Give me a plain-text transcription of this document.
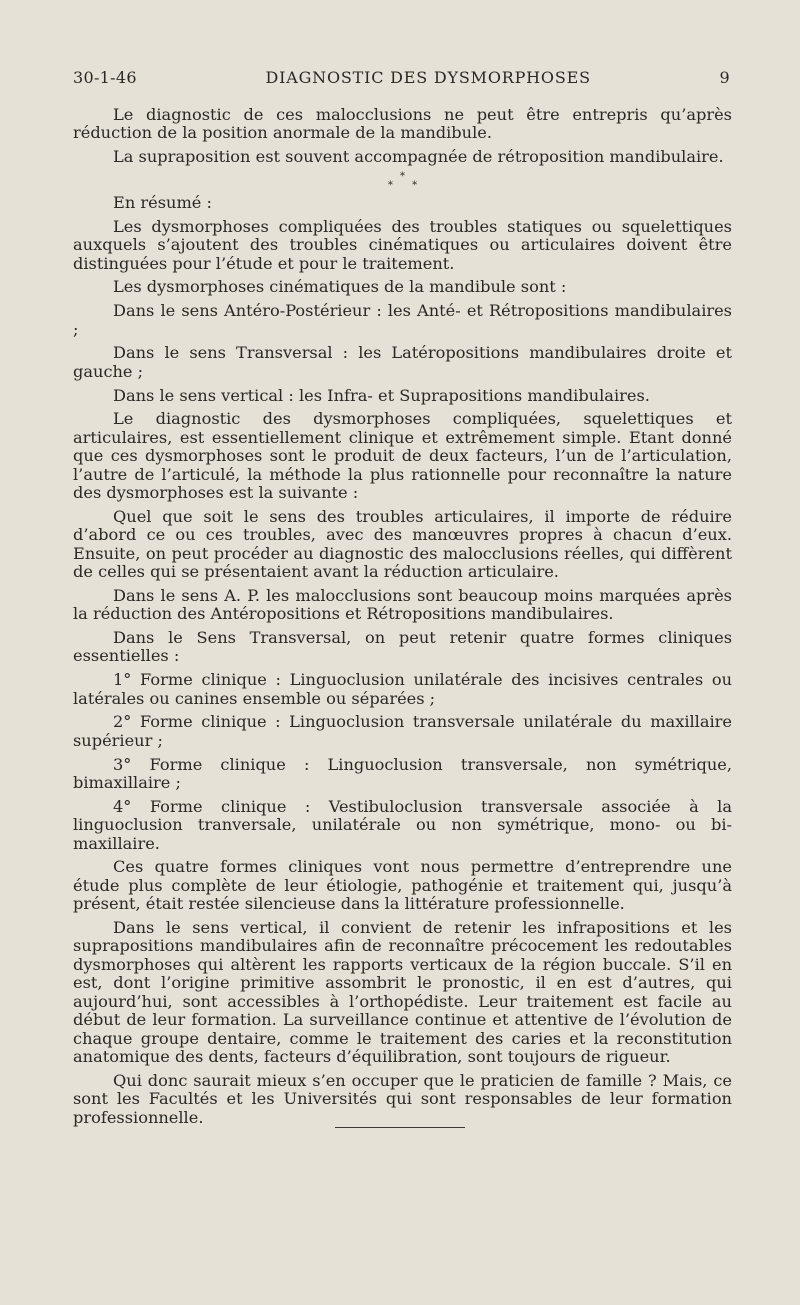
30-1-46	DIAGNOSTIC DES DYSMORPHOSES	9

Le diagnostic de ces malocclusions ne peut être entrepris qu’après réduction de la position anormale de la mandibule.

La supraposition est souvent accompagnée de rétroposition mandibulaire.

*
* *

En résumé :

Les dysmorphoses compliquées des troubles statiques ou squelettiques auxquels s’ajoutent des troubles cinématiques ou articulaires doivent être distinguées pour l’étude et pour le traitement.

Les dysmorphoses cinématiques de la mandibule sont :

Dans le sens Antéro-Postérieur : les Anté- et Rétropositions mandibulaires ;

Dans le sens Transversal : les Latéropositions mandibulaires droite et gauche ;

Dans le sens vertical : les Infra- et Suprapositions mandibulaires.

Le diagnostic des dysmorphoses compliquées, squelettiques et articulaires, est essentiellement clinique et extrêmement simple. Etant donné que ces dysmorphoses sont le produit de deux facteurs, l’un de l’articulation, l’autre de l’articulé, la méthode la plus rationnelle pour reconnaître la nature des dysmorphoses est la suivante :

Quel que soit le sens des troubles articulaires, il importe de réduire d’abord ce ou ces troubles, avec des manœuvres propres à chacun d’eux. Ensuite, on peut procéder au diagnostic des malocclusions réelles, qui diffèrent de celles qui se présentaient avant la réduction articulaire.

Dans le sens A. P. les malocclusions sont beaucoup moins marquées après la réduction des Antéropositions et Rétropositions mandibulaires.

Dans le Sens Transversal, on peut retenir quatre formes cliniques essentielles :

1° Forme clinique : Linguoclusion unilatérale des incisives centrales ou latérales ou canines ensemble ou séparées ;

2° Forme clinique : Linguoclusion transversale unilatérale du maxillaire supérieur ;

3° Forme clinique : Linguoclusion transversale, non symétrique, bimaxillaire ;

4° Forme clinique : Vestibuloclusion transversale associée à la linguoclusion tranversale, unilatérale ou non symétrique, mono- ou bi-maxillaire.

Ces quatre formes cliniques vont nous permettre d’entreprendre une étude plus complète de leur étiologie, pathogénie et traitement qui, jusqu’à présent, était restée silencieuse dans la littérature professionnelle.

Dans le sens vertical, il convient de retenir les infrapositions et les suprapositions mandibulaires afin de reconnaître précocement les redoutables dysmorphoses qui altèrent les rapports verticaux de la région buccale. S’il en est, dont l’origine primitive assombrit le pronostic, il en est d’autres, qui aujourd’hui, sont accessibles à l’orthopédiste. Leur traitement est facile au début de leur formation. La surveillance continue et attentive de l’évolution de chaque groupe dentaire, comme le traitement des caries et la reconstitution anatomique des dents, facteurs d’équilibration, sont toujours de rigueur.

Qui donc saurait mieux s’en occuper que le praticien de famille ? Mais, ce sont les Facultés et les Universités qui sont responsables de leur formation professionnelle.
